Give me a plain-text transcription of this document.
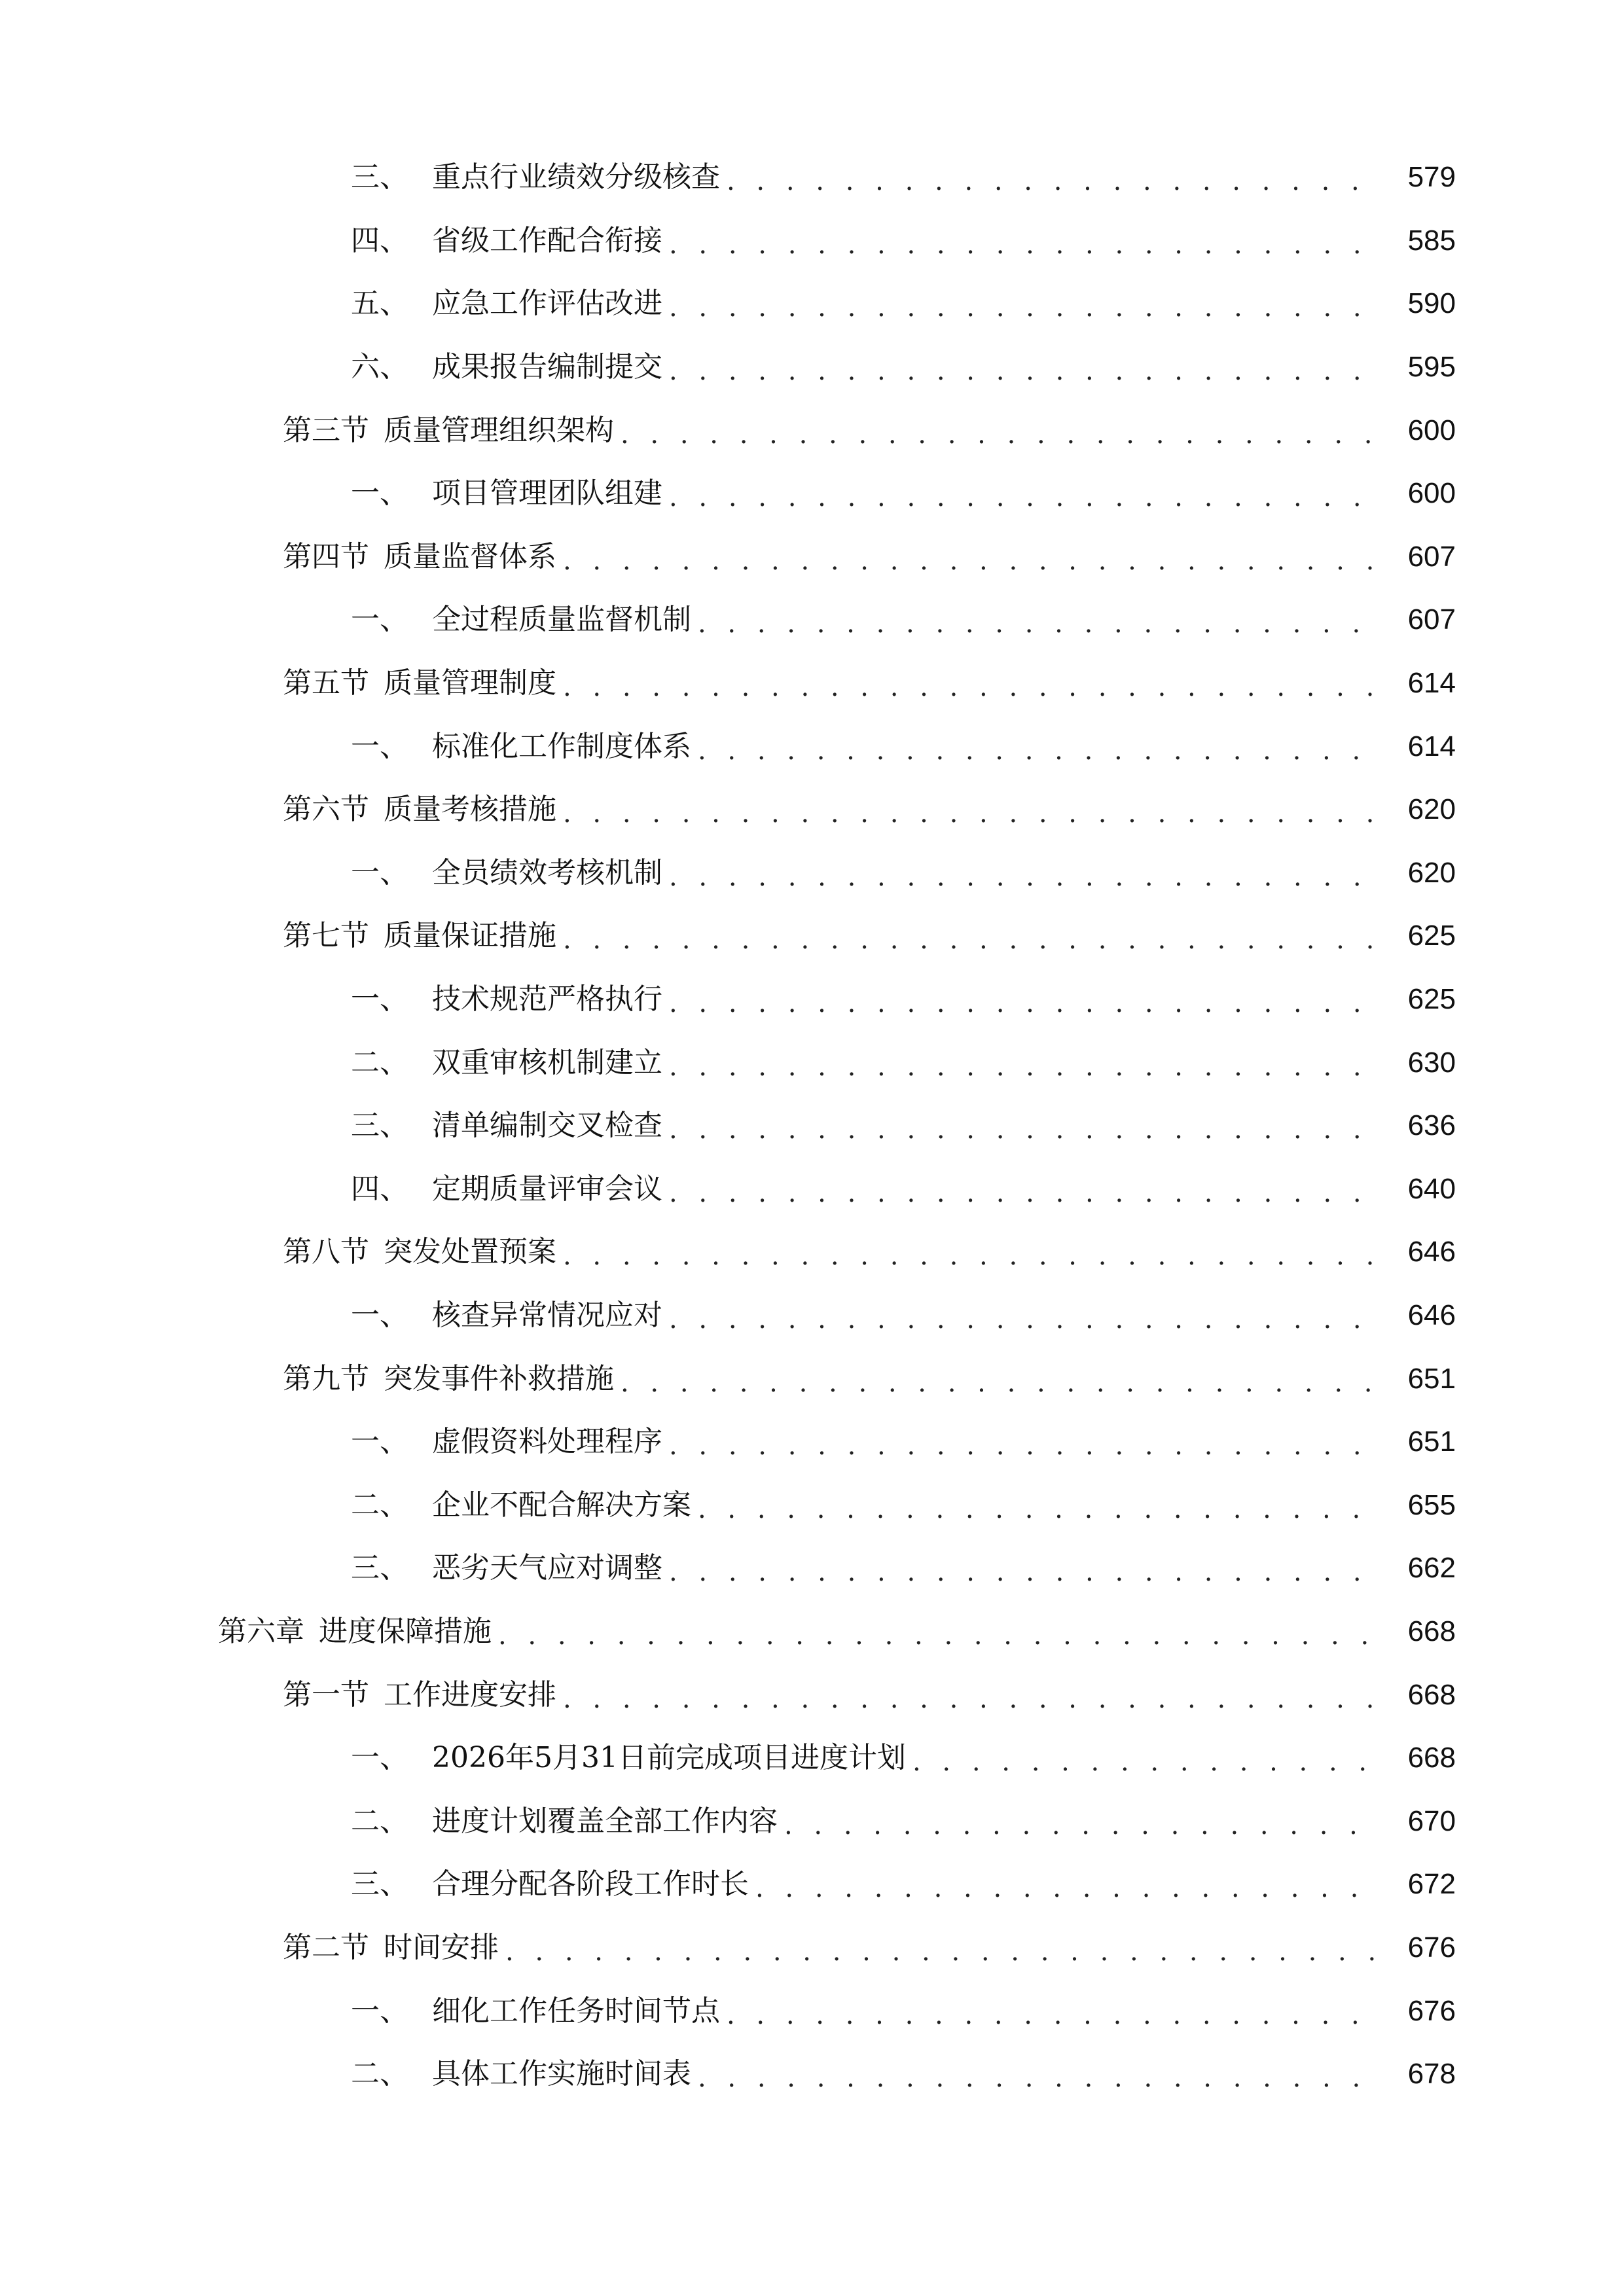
三、 重点行业绩效分级核查 . . .	579
四、 省级工作配合衔接 . . .	585
五、 应急工作评估改进 . . .	590
六、 成果报告编制提交 . . .	595
第三节 质量管理组织架构 . . .	600
一、 项目管理团队组建 . . .	600
第四节 质量监督体系 . . .	607
一、 全过程质量监督机制 . . .	607
第五节 质量管理制度 . . .	614
一、 标准化工作制度体系 . . .	614
第六节 质量考核措施 . . .	620
一、 全员绩效考核机制 . . .	620
第七节 质量保证措施 . . .	625
一、 技术规范严格执行 . . .	625
二、 双重审核机制建立 . . .	630
三、 清单编制交叉检查 . . .	636
四、 定期质量评审会议 . . .	640
第八节 突发处置预案 . . .	646
一、 核查异常情况应对 . . .	646
第九节 突发事件补救措施 . . .	651
一、 虚假资料处理程序 . . .	651
二、 企业不配合解决方案 . . .	655
三、 恶劣天气应对调整 . . .	662
第六章 进度保障措施 . . .	668
第一节 工作进度安排 . . .	668
一、 2026年5月31日前完成项目进度计划 . . .	668
二、 进度计划覆盖全部工作内容 . . .	670
三、 合理分配各阶段工作时长 . . .	672
第二节 时间安排 . . .	676
一、 细化工作任务时间节点 . . .	676
二、 具体工作实施时间表 . . .	678
